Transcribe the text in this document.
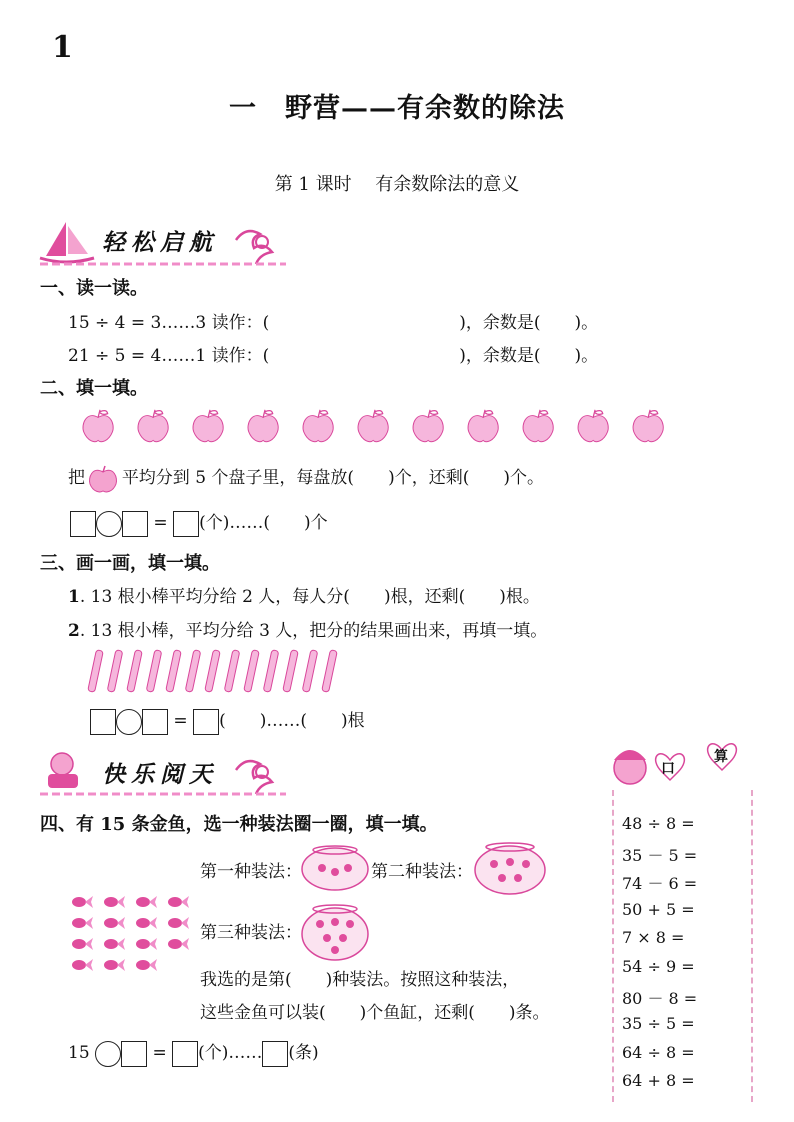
1
一　野营——有余数的除法
第 1 课时　 有余数除法的意义
轻松启航
一、读一读。
15 ÷ 4 = 3……3 读作：(	)，余数是(　　)。
21 ÷ 5 = 4……1 读作：(	)，余数是(　　)。
二、填一填。
把 平均分到 5 个盘子里，每盘放(　　)个，还剩(　　)个。
= (个)……(　　)个
三、画一画，填一填。
1. 13 根小棒平均分给 2 人，每人分(　　)根，还剩(　　)根。
2. 13 根小棒，平均分给 3 人，把分的结果画出来，再填一填。
= (　　)……(　　)根
快乐阅天
四、有 15 条金鱼，选一种装法圈一圈，填一填。
第一种装法：	第二种装法：
第三种装法：
我选的是第(　　)种装法。按照这种装法，
这些金鱼可以装(　　)个鱼缸，还剩(　　)条。
15	= (个)…… (条)
口
算
48 ÷ 8 =
35 － 5 =
74 － 6 =
50 + 5 =
7 × 8 =
54 ÷ 9 =
80 － 8 =
35 ÷ 5 =
64 ÷ 8 =
64 + 8 =
